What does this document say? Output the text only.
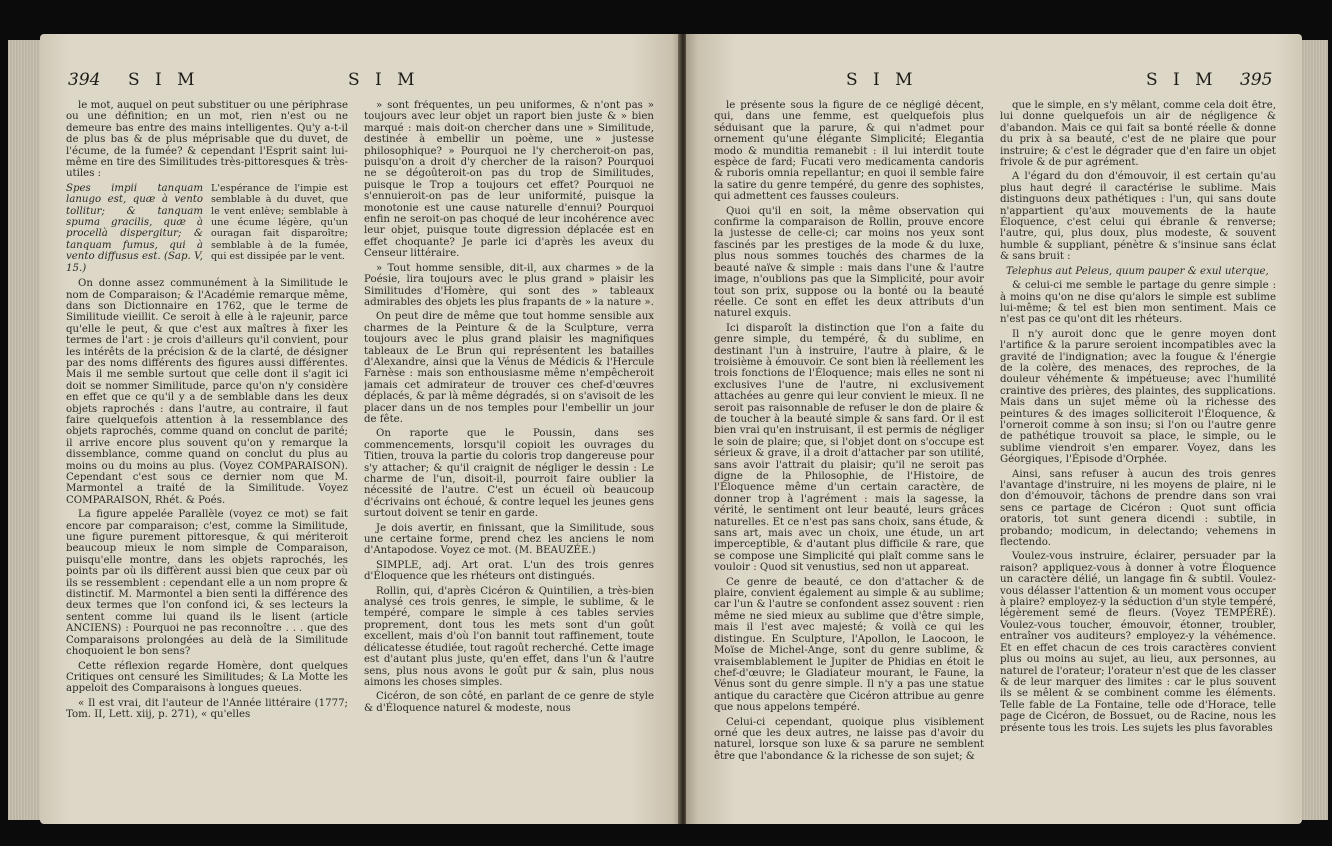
394 S I M	S I M

le mot, auquel on peut substituer ou une périphrase ou une définition; en un mot, rien n'est ou ne demeure bas entre des mains intelligentes. Qu'y a-t-il de plus bas & de plus méprisable que du duvet, de l'écume, de la fumée? & cependant l'Esprit saint lui-même en tire des Similitudes très-pittoresques & très-utiles :

Spes impii tanquam lanugo est, quæ à vento tollitur; & tanquam spuma gracilis, quæ à procellà dispergitur; & tanquam fumus, qui à vento diffusus est. (Sap. V, 15.)
L'espérance de l'impie est semblable à du duvet, que le vent enlève; semblable à une écume légère, qu'un ouragan fait disparoître; semblable à de la fumée, qui est dissipée par le vent.

On donne assez communément à la Similitude le nom de Comparaison; & l'Académie remarque même, dans son Dictionnaire en 1762, que le terme de Similitude vieillit. Ce seroit à elle à le rajeunir, parce qu'elle le peut, & que c'est aux maîtres à fixer les termes de l'art : je crois d'ailleurs qu'il convient, pour les intérêts de la précision & de la clarté, de désigner par des noms différents des figures aussi différentes. Mais il me semble surtout que celle dont il s'agit ici doit se nommer Similitude, parce qu'on n'y considère en effet que ce qu'il y a de semblable dans les deux objets raprochés : dans l'autre, au contraire, il faut faire quelquefois attention à la ressemblance des objets raprochés, comme quand on conclut de parité; il arrive encore plus souvent qu'on y remarque la dissemblance, comme quand on conclut du plus au moins ou du moins au plus. (Voyez COMPARAISON). Cependant c'est sous ce dernier nom que M. Marmontel a traité de la Similitude. Voyez COMPARAISON, Rhét. & Poés.

La figure appelée Parallèle (voyez ce mot) se fait encore par comparaison; c'est, comme la Similitude, une figure purement pittoresque, & qui mériteroit beaucoup mieux le nom simple de Comparaison, puisqu'elle montre, dans les objets raprochés, les points par où ils diffèrent aussi bien que ceux par où ils se ressemblent : cependant elle a un nom propre & distinctif. M. Marmontel a bien senti la différence des deux termes que l'on confond ici, & ses lecteurs la sentent comme lui quand ils le lisent (article ANCIENS) : Pourquoi ne pas reconnoître . . . que des Comparaisons prolongées au delà de la Similitude choquoient le bon sens?

Cette réflexion regarde Homère, dont quelques Critiques ont censuré les Similitudes; & La Motte les appeloit des Comparaisons à longues queues.

« Il est vrai, dit l'auteur de l'Année littéraire (1777; Tom. II, Lett. xiij, p. 271), « qu'elles

» sont fréquentes, un peu uniformes, & n'ont pas » toujours avec leur objet un raport bien juste & » bien marqué : mais doit-on chercher dans une » Similitude, destinée à embellir un poème, une » justesse philosophique? » Pourquoi ne l'y chercheroit-on pas, puisqu'on a droit d'y chercher de la raison? Pourquoi ne se dégoûteroit-on pas du trop de Similitudes, puisque le Trop a toujours cet effet? Pourquoi ne s'ennuieroit-on pas de leur uniformité, puisque la monotonie est une cause naturelle d'ennui? Pourquoi enfin ne seroit-on pas choqué de leur incohérence avec leur objet, puisque toute digression déplacée est en effet choquante? Je parle ici d'après les aveux du Censeur littéraire.

» Tout homme sensible, dit-il, aux charmes » de la Poésie, lira toujours avec le plus grand » plaisir les Similitudes d'Homère, qui sont des » tableaux admirables des objets les plus frapants de » la nature ».

On peut dire de même que tout homme sensible aux charmes de la Peinture & de la Sculpture, verra toujours avec le plus grand plaisir les magnifiques tableaux de Le Brun qui représentent les batailles d'Alexandre, ainsi que la Vénus de Médicis & l'Hercule Farnèse : mais son enthousiasme même n'empêcheroit jamais cet admirateur de trouver ces chef-d'œuvres déplacés, & par là même dégradés, si on s'avisoit de les placer dans un de nos temples pour l'embellir un jour de fête.

On raporte que le Poussin, dans ses commencements, lorsqu'il copioit les ouvrages du Titien, trouva la partie du coloris trop dangereuse pour s'y attacher; & qu'il craignit de négliger le dessin : Le charme de l'un, disoit-il, pourroit faire oublier la nécessité de l'autre. C'est un écueil où beaucoup d'écrivains ont échoué, & contre lequel les jeunes gens surtout doivent se tenir en garde.

Je dois avertir, en finissant, que la Similitude, sous une certaine forme, prend chez les anciens le nom d'Antapodose. Voyez ce mot. (M. BEAUZÉE.)

SIMPLE, adj. Art orat. L'un des trois genres d'Éloquence que les rhéteurs ont distingués.

Rollin, qui, d'après Cicéron & Quintilien, a très-bien analysé ces trois genres, le simple, le sublime, & le tempéré, compare le simple à ces tables servies proprement, dont tous les mets sont d'un goût excellent, mais d'où l'on bannit tout raffinement, toute délicatesse étudiée, tout ragoût recherché. Cette image est d'autant plus juste, qu'en effet, dans l'un & l'autre sens, plus nous avons le goût pur & sain, plus nous aimons les choses simples.

Cicéron, de son côté, en parlant de ce genre de style & d'Éloquence naturel & modeste, nous

S I M	S I M 395

le présente sous la figure de ce négligé décent, qui, dans une femme, est quelquefois plus séduisant que la parure, & qui n'admet pour ornement qu'une élégante Simplicité; Elegantia modo & munditia remanebit : il lui interdit toute espèce de fard; Fucati vero medicamenta candoris & ruboris omnia repellantur; en quoi il semble faire la satire du genre tempéré, du genre des sophistes, qui admettent ces fausses couleurs.

Quoi qu'il en soit, la même observation qui confirme la comparaison de Rollin, prouve encore la justesse de celle-ci; car moins nos yeux sont fascinés par les prestiges de la mode & du luxe, plus nous sommes touchés des charmes de la beauté naïve & simple : mais dans l'une & l'autre image, n'oublions pas que la Simplicité, pour avoir tout son prix, suppose ou la bonté ou la beauté réelle. Ce sont en effet les deux attributs d'un naturel exquis.

Ici disparoît la distinction que l'on a faite du genre simple, du tempéré, & du sublime, en destinant l'un à instruire, l'autre à plaire, & le troisième à émouvoir. Ce sont bien là réellement les trois fonctions de l'Éloquence; mais elles ne sont ni exclusives l'une de l'autre, ni exclusivement attachées au genre qui leur convient le mieux. Il ne seroit pas raisonnable de refuser le don de plaire & de toucher à la beauté simple & sans fard. Or il est bien vrai qu'en instruisant, il est permis de négliger le soin de plaire; que, si l'objet dont on s'occupe est sérieux & grave, il a droit d'attacher par son utilité, sans avoir l'attrait du plaisir; qu'il ne seroit pas digne de la Philosophie, de l'Histoire, de l'Éloquence même d'un certain caractère, de donner trop à l'agrément : mais la sagesse, la vérité, le sentiment ont leur beauté, leurs grâces naturelles. Et ce n'est pas sans choix, sans étude, & sans art, mais avec un choix, une étude, un art imperceptible, & d'autant plus difficile & rare, que se compose une Simplicité qui plaît comme sans le vouloir : Quod sit venustius, sed non ut appareat.

Ce genre de beauté, ce don d'attacher & de plaire, convient également au simple & au sublime; car l'un & l'autre se confondent assez souvent : rien même ne sied mieux au sublime que d'être simple, mais il l'est avec majesté; & voilà ce qui les distingue. En Sculpture, l'Apollon, le Laocoon, le Moïse de Michel-Ange, sont du genre sublime, & vraisemblablement le Jupiter de Phidias en étoit le chef-d'œuvre; le Gladiateur mourant, le Faune, la Vénus sont du genre simple. Il n'y a pas une statue antique du caractère que Cicéron attribue au genre que nous appelons tempéré.

Celui-ci cependant, quoique plus visiblement orné que les deux autres, ne laisse pas d'avoir du naturel, lorsque son luxe & sa parure ne semblent être que l'abondance & la richesse de son sujet; &

que le simple, en s'y mêlant, comme cela doit être, lui donne quelquefois un air de négligence & d'abandon. Mais ce qui fait sa bonté réelle & donne du prix à sa beauté, c'est de ne plaire que pour instruire; & c'est le dégrader que d'en faire un objet frivole & de pur agrément.

A l'égard du don d'émouvoir, il est certain qu'au plus haut degré il caractérise le sublime. Mais distinguons deux pathétiques : l'un, qui sans doute n'appartient qu'aux mouvements de la haute Éloquence, c'est celui qui ébranle & renverse; l'autre, qui, plus doux, plus modeste, & souvent humble & suppliant, pénètre & s'insinue sans éclat & sans bruit :

Telephus aut Peleus, quum pauper & exul uterque,

& celui-ci me semble le partage du genre simple : à moins qu'on ne dise qu'alors le simple est sublime lui-même; & tel est bien mon sentiment. Mais ce n'est pas ce qu'ont dit les rhéteurs.

Il n'y auroit donc que le genre moyen dont l'artifice & la parure seroient incompatibles avec la gravité de l'indignation; avec la fougue & l'énergie de la colère, des menaces, des reproches, de la douleur véhémente & impétueuse; avec l'humilité craintive des prières, des plaintes, des supplications. Mais dans un sujet même où la richesse des peintures & des images solliciteroit l'Éloquence, & l'orneroit comme à son insu; si l'on ou l'autre genre de pathétique trouvoit sa place, le simple, ou le sublime viendroit s'en emparer. Voyez, dans les Géorgiques, l'Épisode d'Orphée.

Ainsi, sans refuser à aucun des trois genres l'avantage d'instruire, ni les moyens de plaire, ni le don d'émouvoir, tâchons de prendre dans son vrai sens ce partage de Cicéron : Quot sunt officia oratoris, tot sunt genera dicendi : subtile, in probando; modicum, in delectando; vehemens in flectendo.

Voulez-vous instruire, éclairer, persuader par la raison? appliquez-vous à donner à votre Éloquence un caractère délié, un langage fin & subtil. Voulez-vous délasser l'attention & un moment vous occuper à plaire? employez-y la séduction d'un style tempéré, légèrement semé de fleurs. (Voyez TEMPÉRÉ). Voulez-vous toucher, émouvoir, étonner, troubler, entraîner vos auditeurs? employez-y la véhémence. Et en effet chacun de ces trois caractères convient plus ou moins au sujet, au lieu, aux personnes, au naturel de l'orateur; l'orateur n'est que de les classer & de leur marquer des limites : car le plus souvent ils se mêlent & se combinent comme les éléments. Telle fable de La Fontaine, telle ode d'Horace, telle page de Cicéron, de Bossuet, ou de Racine, nous les présente tous les trois. Les sujets les plus favorables
